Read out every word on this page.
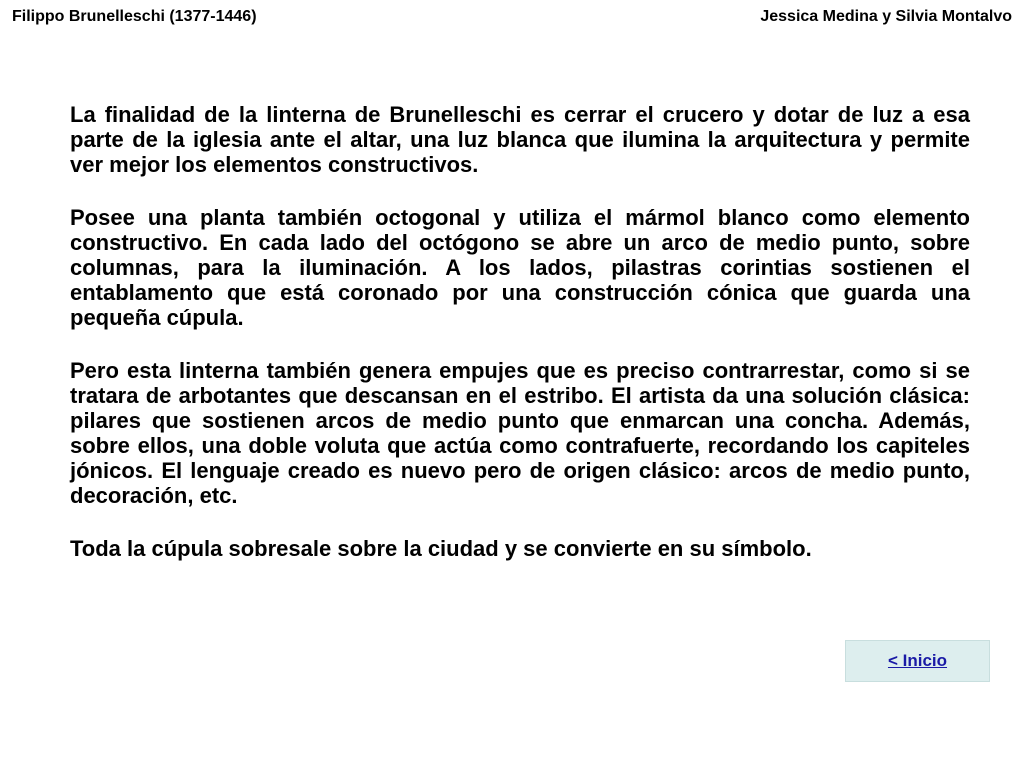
Filippo Brunelleschi (1377-1446)	Jessica Medina y Silvia Montalvo

La finalidad de la linterna de Brunelleschi es cerrar el crucero y dotar de luz a esa parte de la iglesia ante el altar, una luz blanca que ilumina la arquitectura y permite ver mejor los elementos constructivos.

Posee una planta también octogonal y utiliza el mármol blanco como elemento constructivo. En cada lado del octógono se abre un arco de medio punto, sobre columnas, para la iluminación. A los lados, pilastras corintias sostienen el entablamento que está coronado por una construcción cónica que guarda una pequeña cúpula.

Pero esta linterna también genera empujes que es preciso contrarrestar, como si se tratara de arbotantes que descansan en el estribo. El artista da una solución clásica: pilares que sostienen arcos de medio punto que enmarcan una concha. Además, sobre ellos, una doble voluta que actúa como contrafuerte, recordando los capiteles jónicos. El lenguaje creado es nuevo pero de origen clásico: arcos de medio punto, decoración, etc.

Toda la cúpula sobresale sobre la ciudad y se convierte en su símbolo.

< Inicio
